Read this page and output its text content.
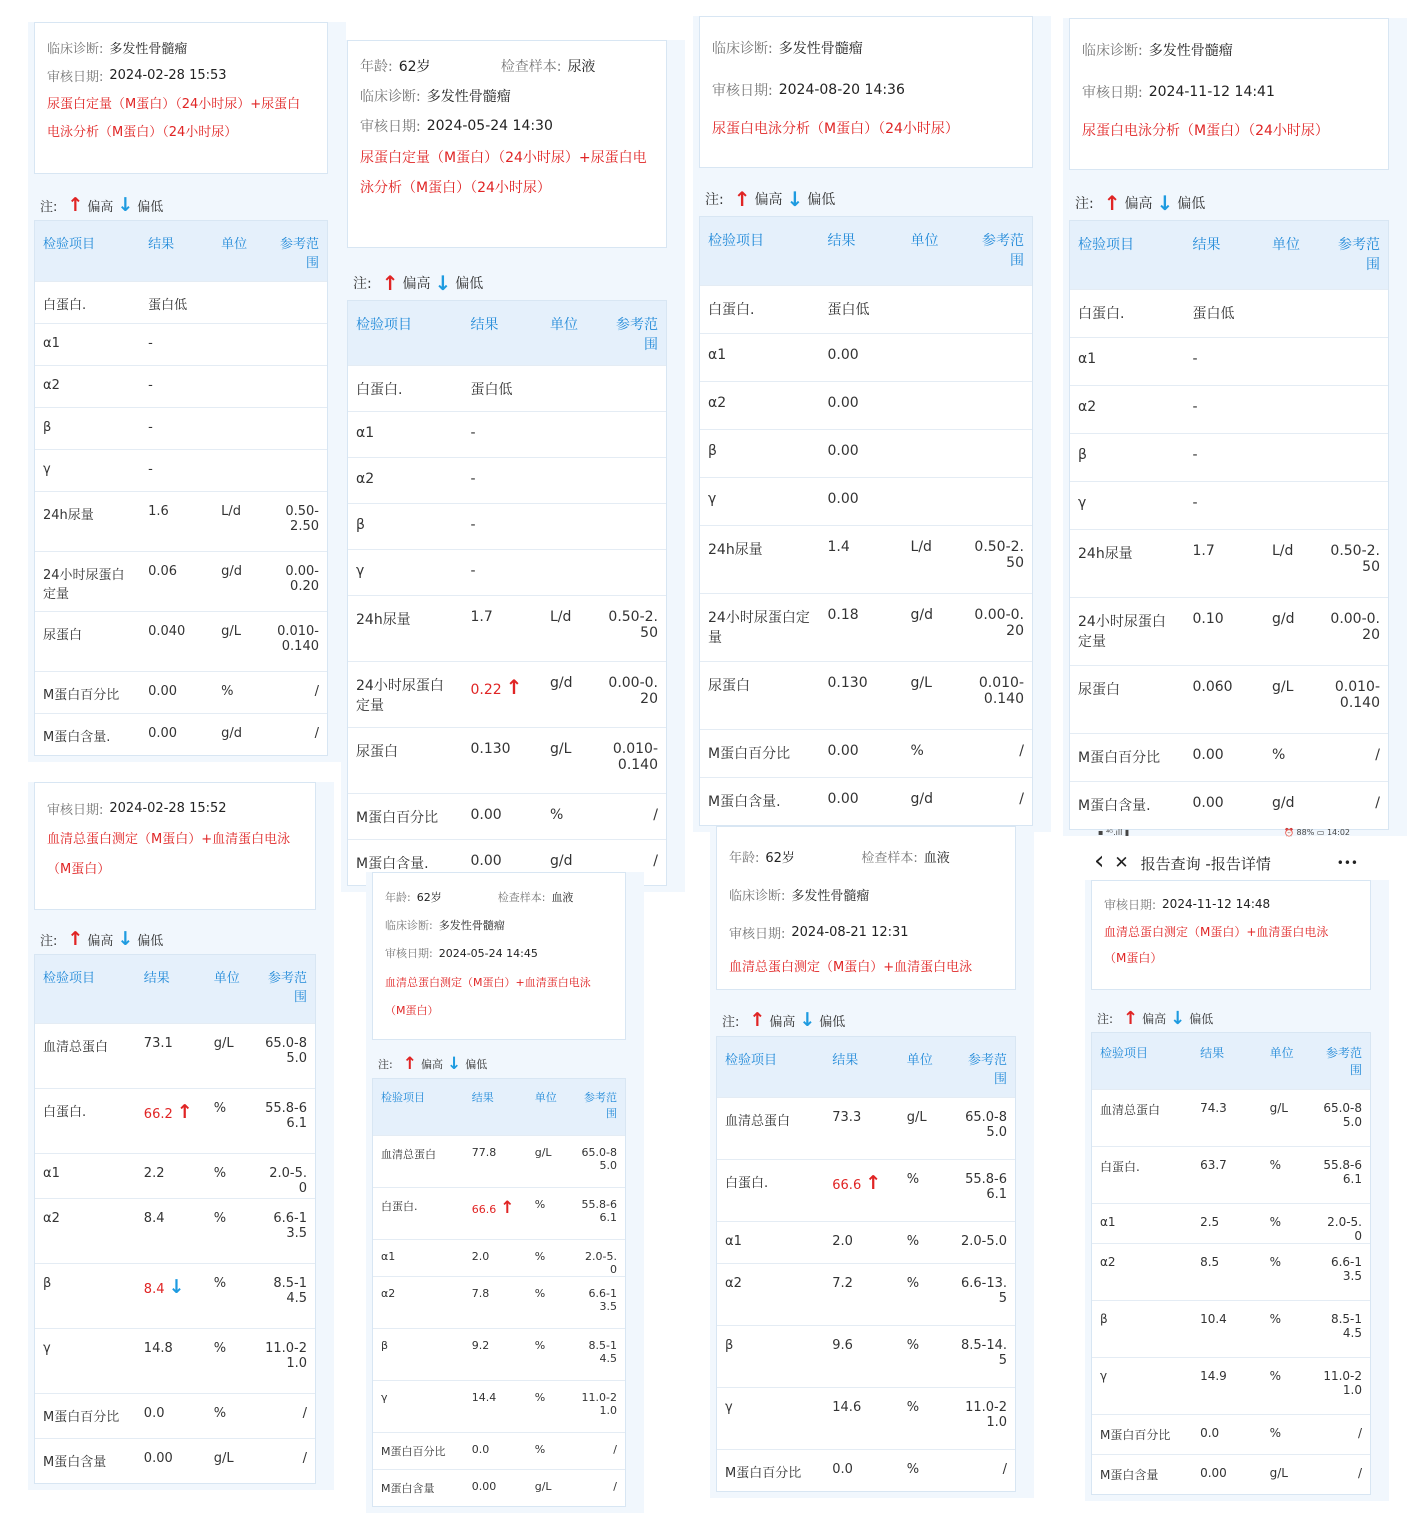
临床诊断: 多发性骨髓瘤
审核日期: 2024-02-28 15:53
尿蛋白定量（M蛋白）（24小时尿）+尿蛋白电泳分析（M蛋白）（24小时尿）
注: ↑ 偏高 ↓ 偏低
检验项目	结果	单位	参考范围
白蛋白.	蛋白低		
α1	-		
α2	-		
β	-		
γ	-		
24h尿量	1.6	L/d	0.50-2.50
24小时尿蛋白定量	0.06	g/d	0.00-0.20
尿蛋白	0.040	g/L	0.010-0.140
M蛋白百分比	0.00	%	/
M蛋白含量.	0.00	g/d	/
年龄: 62岁	检查样本: 尿液
临床诊断: 多发性骨髓瘤
审核日期: 2024-05-24 14:30
尿蛋白定量（M蛋白）（24小时尿）+尿蛋白电泳分析（M蛋白）（24小时尿）
注: ↑ 偏高 ↓ 偏低
检验项目	结果	单位	参考范围
白蛋白.	蛋白低		
α1	-		
α2	-		
β	-		
γ	-		
24h尿量	1.7	L/d	0.50-2.50
24小时尿蛋白定量	0.22 ↑	g/d	0.00-0.20
尿蛋白	0.130	g/L	0.010-0.140
M蛋白百分比	0.00	%	/
M蛋白含量.	0.00	g/d	/
临床诊断: 多发性骨髓瘤
审核日期: 2024-08-20 14:36
尿蛋白电泳分析（M蛋白）（24小时尿）
注: ↑ 偏高 ↓ 偏低
检验项目	结果	单位	参考范围
白蛋白.	蛋白低		
α1	0.00		
α2	0.00		
β	0.00		
γ	0.00		
24h尿量	1.4	L/d	0.50-2.50
24小时尿蛋白定量	0.18	g/d	0.00-0.20
尿蛋白	0.130	g/L	0.010-0.140
M蛋白百分比	0.00	%	/
M蛋白含量.	0.00	g/d	/
临床诊断: 多发性骨髓瘤
审核日期: 2024-11-12 14:41
尿蛋白电泳分析（M蛋白）（24小时尿）
注: ↑ 偏高 ↓ 偏低
检验项目	结果	单位	参考范围
白蛋白.	蛋白低		
α1	-		
α2	-		
β	-		
γ	-		
24h尿量	1.7	L/d	0.50-2.50
24小时尿蛋白定量	0.10	g/d	0.00-0.20
尿蛋白	0.060	g/L	0.010-0.140
M蛋白百分比	0.00	%	/
M蛋白含量.	0.00	g/d	/
审核日期: 2024-02-28 15:52
血清总蛋白测定（M蛋白）+血清蛋白电泳（M蛋白）
注: ↑ 偏高 ↓ 偏低
检验项目	结果	单位	参考范围
血清总蛋白	73.1	g/L	65.0-85.0
白蛋白.	66.2 ↑	%	55.8-66.1
α1	2.2	%	2.0-5.0
α2	8.4	%	6.6-13.5
β	8.4 ↓	%	8.5-14.5
γ	14.8	%	11.0-21.0
M蛋白百分比	0.0	%	/
M蛋白含量	0.00	g/L	/
年龄: 62岁	检查样本: 血液
临床诊断: 多发性骨髓瘤
审核日期: 2024-05-24 14:45
血清总蛋白测定（M蛋白）+血清蛋白电泳（M蛋白）
注: ↑ 偏高 ↓ 偏低
检验项目	结果	单位	参考范围
血清总蛋白	77.8	g/L	65.0-85.0
白蛋白.	66.6 ↑	%	55.8-66.1
α1	2.0	%	2.0-5.0
α2	7.8	%	6.6-13.5
β	9.2	%	8.5-14.5
γ	14.4	%	11.0-21.0
M蛋白百分比	0.0	%	/
M蛋白含量	0.00	g/L	/
年龄: 62岁	检查样本: 血液
临床诊断: 多发性骨髓瘤
审核日期: 2024-08-21 12:31
血清总蛋白测定（M蛋白）+血清蛋白电泳
注: ↑ 偏高 ↓ 偏低
检验项目	结果	单位	参考范围
血清总蛋白	73.3	g/L	65.0-85.0
白蛋白.	66.6 ↑	%	55.8-66.1
α1	2.0	%	2.0-5.0
α2	7.2	%	6.6-13.5
β	9.6	%	8.5-14.5
γ	14.6	%	11.0-21.0
M蛋白百分比	0.0	%	/
审核日期: 2024-11-12 14:48
血清总蛋白测定（M蛋白）+血清蛋白电泳（M蛋白）
注: ↑ 偏高 ↓ 偏低
检验项目	结果	单位	参考范围
血清总蛋白	74.3	g/L	65.0-85.0
白蛋白.	63.7	%	55.8-66.1
α1	2.5	%	2.0-5.0
α2	8.5	%	6.6-13.5
β	10.4	%	8.5-14.5
γ	14.9	%	11.0-21.0
M蛋白百分比	0.0	%	/
M蛋白含量	0.00	g/L	/
▪ ⁴ᴳ.ıll ▮	⏰ 88% ▭ 14:02
‹ ✕ 报告查询 -报告详情	•••
